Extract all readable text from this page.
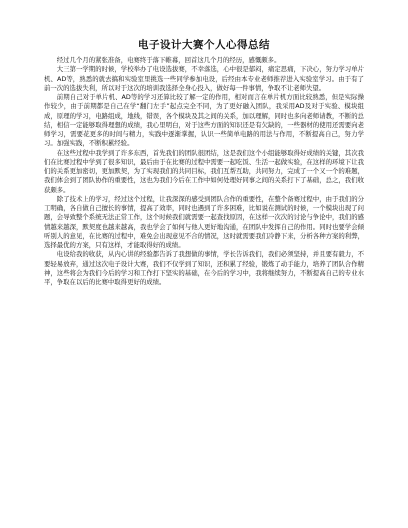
电子设计大赛个人心得总结

经过几个月的紧张准备，电赛终于落下帷幕，回首这几个月的经历，感慨颇多。

大三第一学期的时候，学校举办了电设选拔赛，不幸落选，心中很是郁闷，痛定思痛，下决心，努力学习单片机、AD等，熟悉的就去搞和实验室里挑选一些同学参加电设，后经由本专业老师推荐进入实验室学习。由于有了前一次的选拔失利，所以对于这次的培训我选择全身心投入，做好每一件事情，争取不让老师失望。

前期自己对于单片机、AD等的学习还算比较了解一定的作用，相对而言在单片机方面比较熟悉，但是实际操作较少，由于前期都是自己在学“翻门左手”起点完全不同，为了更好融入团队，我采用AD及对于实验、模块组成，原理的学习，电路组成，地线，错误，各个模块及其之间的关系，加以理解，同时也多向老师请教，不断的总结，相信一定能够取得理想的成绩，我心里明白，对于这些方面的知识还是有欠缺的，一些器材的使用还需要向老师学习，需要花更多的时间与精力，实践中逐渐掌握，认识一些简单电路的用法与作用，不断提高自己，努力学习。加强实践，不断积累经验。

在这些过程中我学到了许多东西，首先我们的团队很团结，这是我们这个小组能够取得好成绩的关键，其次我们在比赛过程中学到了很多知识，最后由于在比赛的过程中需要一起吃饭、生活一起做实验，在这样的环境下让我们的关系更加密切，更加默契，为了实现我们的共同目标，我们互帮互助，共同努力，完成了一个又一个的难题，我们体会到了团队协作的重要性，这也为我们今后在工作中如何处理好同事之间的关系打下了基础，总之，我们收获颇多。

除了技术上的学习，经过这个过程，让我深深的感受到团队合作的重要性，在整个备赛过程中，由于我们的分工明确，各自做自己擅长的事情，提高了效率，同时也遇到了许多困难，比如说在测试的时候，一个模块出现了问题，会导致整个系统无法正常工作，这个时候我们就需要一起查找原因，在这样一次次的讨论与争论中，我们的感情越来越深，默契度也越来越高，我也学会了如何与他人更好地沟通，在团队中发挥自己的作用。同时也要学会倾听别人的意见，在比赛的过程中，难免会出现意见不合的情况，这时就需要我们冷静下来，分析各种方案的利弊，选择最优的方案，只有这样，才能取得好的成绩。

电设给我的收获，从内心讲的经验都告诉了我想做的事情，学长告诉我们，我们必须坚持，并且要有毅力，不要轻易放弃，通过这次电子设计大赛，我们不仅学到了知识，还积累了经验，锻炼了动手能力，培养了团队合作精神，这些将会为我们今后的学习和工作打下坚实的基础，在今后的学习中，我将继续努力，不断提高自己的专业水平，争取在以后的比赛中取得更好的成绩。
